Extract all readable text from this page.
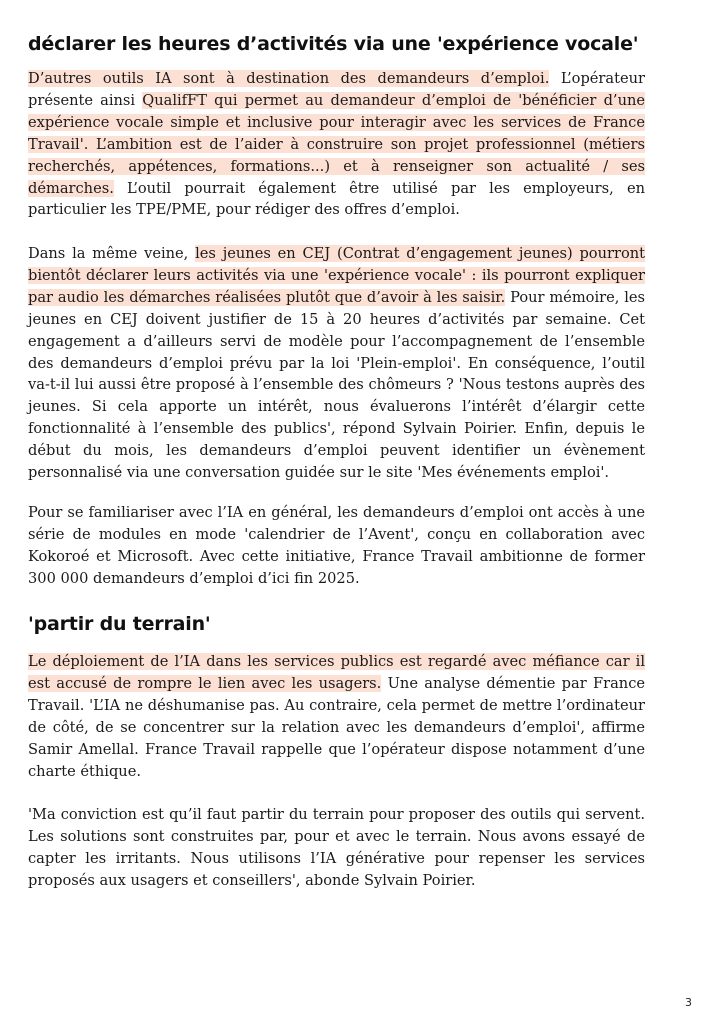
déclarer les heures d’activités via une 'expérience vocale'

D’autres outils IA sont à destination des demandeurs d’emploi. L’opérateur présente ainsi QualifFT qui permet au demandeur d’emploi de 'bénéficier d’une expérience vocale simple et inclusive pour interagir avec les services de France Travail'. L’ambition est de l’aider à construire son projet professionnel (métiers recherchés, appétences, formations...) et à renseigner son actualité / ses démarches. L’outil pourrait également être utilisé par les employeurs, en particulier les TPE/PME, pour rédiger des offres d’emploi.

Dans la même veine, les jeunes en CEJ (Contrat d’engagement jeunes) pourront bientôt déclarer leurs activités via une 'expérience vocale' : ils pourront expliquer par audio les démarches réalisées plutôt que d’avoir à les saisir. Pour mémoire, les jeunes en CEJ doivent justifier de 15 à 20 heures d’activités par semaine. Cet engagement a d’ailleurs servi de modèle pour l’accompagnement de l’ensemble des demandeurs d’emploi prévu par la loi 'Plein-emploi'. En conséquence, l’outil va-t-il lui aussi être proposé à l’ensemble des chômeurs ? 'Nous testons auprès des jeunes. Si cela apporte un intérêt, nous évaluerons l’intérêt d’élargir cette fonctionnalité à l’ensemble des publics', répond Sylvain Poirier. Enfin, depuis le début du mois, les demandeurs d’emploi peuvent identifier un évènement personnalisé via une conversation guidée sur le site 'Mes événements emploi'.

Pour se familiariser avec l’IA en général, les demandeurs d’emploi ont accès à une série de modules en mode 'calendrier de l’Avent', conçu en collaboration avec Kokoroé et Microsoft. Avec cette initiative, France Travail ambitionne de former 300 000 demandeurs d’emploi d’ici fin 2025.

'partir du terrain'

Le déploiement de l’IA dans les services publics est regardé avec méfiance car il est accusé de rompre le lien avec les usagers. Une analyse démentie par France Travail. 'L’IA ne déshumanise pas. Au contraire, cela permet de mettre l’ordinateur de côté, de se concentrer sur la relation avec les demandeurs d’emploi', affirme Samir Amellal. France Travail rappelle que l’opérateur dispose notamment d’une charte éthique.

'Ma conviction est qu’il faut partir du terrain pour proposer des outils qui servent. Les solutions sont construites par, pour et avec le terrain. Nous avons essayé de capter les irritants. Nous utilisons l’IA générative pour repenser les services proposés aux usagers et conseillers', abonde Sylvain Poirier.

3
